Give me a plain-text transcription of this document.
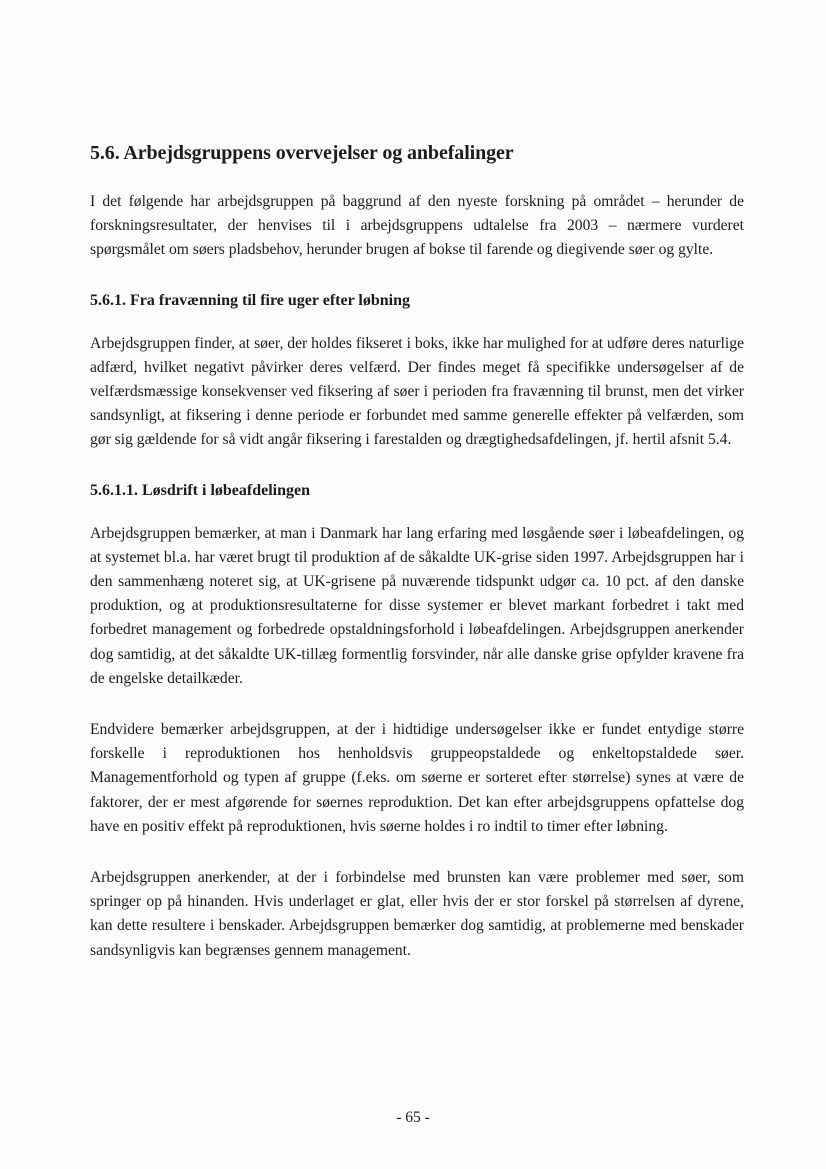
5.6. Arbejdsgruppens overvejelser og anbefalinger

I det følgende har arbejdsgruppen på baggrund af den nyeste forskning på området – herunder de forskningsresultater, der henvises til i arbejdsgruppens udtalelse fra 2003 – nærmere vurderet spørgsmålet om søers pladsbehov, herunder brugen af bokse til farende og diegivende søer og gylte.

5.6.1. Fra fravænning til fire uger efter løbning

Arbejdsgruppen finder, at søer, der holdes fikseret i boks, ikke har mulighed for at udføre deres naturlige adfærd, hvilket negativt påvirker deres velfærd. Der findes meget få specifikke undersøgelser af de velfærdsmæssige konsekvenser ved fiksering af søer i perioden fra fravænning til brunst, men det virker sandsynligt, at fiksering i denne periode er forbundet med samme generelle effekter på velfærden, som gør sig gældende for så vidt angår fiksering i farestalden og drægtighedsafdelingen, jf. hertil afsnit 5.4.

5.6.1.1. Løsdrift i løbeafdelingen

Arbejdsgruppen bemærker, at man i Danmark har lang erfaring med løsgående søer i løbeafdelingen, og at systemet bl.a. har været brugt til produktion af de såkaldte UK-grise siden 1997. Arbejdsgruppen har i den sammenhæng noteret sig, at UK-grisene på nuværende tidspunkt udgør ca. 10 pct. af den danske produktion, og at produktionsresultaterne for disse systemer er blevet markant forbedret i takt med forbedret management og forbedrede opstaldningsforhold i løbeafdelingen. Arbejdsgruppen anerkender dog samtidig, at det såkaldte UK-tillæg formentlig forsvinder, når alle danske grise opfylder kravene fra de engelske detailkæder.

Endvidere bemærker arbejdsgruppen, at der i hidtidige undersøgelser ikke er fundet entydige større forskelle i reproduktionen hos henholdsvis gruppeopstaldede og enkeltopstaldede søer. Managementforhold og typen af gruppe (f.eks. om søerne er sorteret efter størrelse) synes at være de faktorer, der er mest afgørende for søernes reproduktion. Det kan efter arbejdsgruppens opfattelse dog have en positiv effekt på reproduktionen, hvis søerne holdes i ro indtil to timer efter løbning.

Arbejdsgruppen anerkender, at der i forbindelse med brunsten kan være problemer med søer, som springer op på hinanden. Hvis underlaget er glat, eller hvis der er stor forskel på størrelsen af dyrene, kan dette resultere i benskader. Arbejdsgruppen bemærker dog samtidig, at problemerne med benskader sandsynligvis kan begrænses gennem management.

- 65 -
